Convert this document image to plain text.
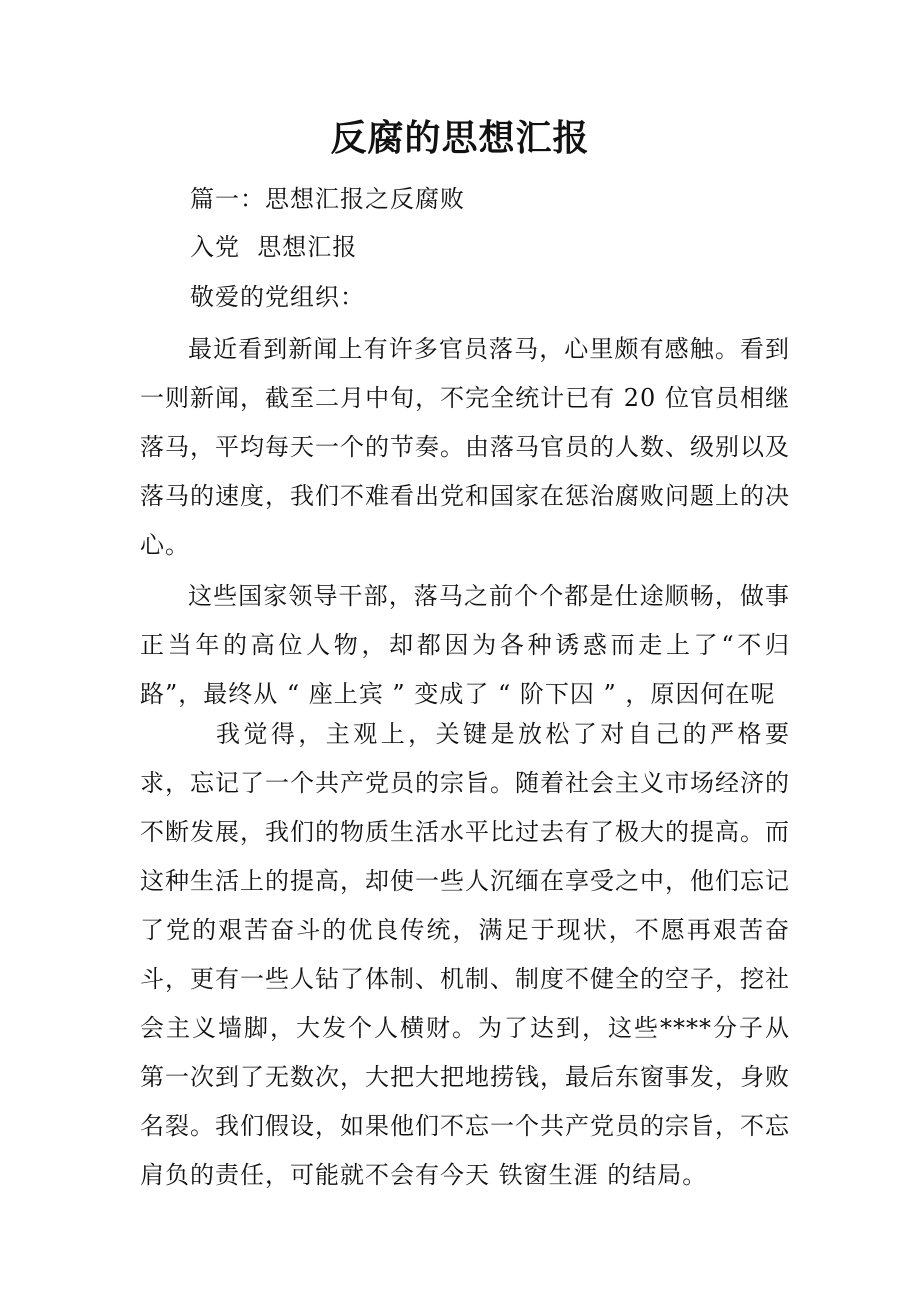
反腐的思想汇报
篇一：思想汇报之反腐败
入党  思想汇报
敬爱的党组织：

最近看到新闻上有许多官员落马，心里颇有感触。看到一则新闻，截至二月中旬，不完全统计已有 20 位官员相继落马，平均每天一个的节奏。由落马官员的人数、级别以及落马的速度，我们不难看出党和国家在惩治腐败问题上的决心。

这些国家领导干部，落马之前个个都是仕途顺畅，做事正当年的高位人物，却都因为各种诱惑而走上了“不归路”，最终从 “ 座上宾 ” 变成了 “ 阶下囚 ” ，原因何在呢

我觉得，主观上，关键是放松了对自己的严格要求，忘记了一个共产党员的宗旨。随着社会主义市场经济的不断发展，我们的物质生活水平比过去有了极大的提高。而这种生活上的提高，却使一些人沉缅在享受之中，他们忘记了党的艰苦奋斗的优良传统，满足于现状，不愿再艰苦奋斗，更有一些人钻了体制、机制、制度不健全的空子，挖社会主义墙脚，大发个人横财。为了达到，这些****分子从第一次到了无数次，大把大把地捞钱，最后东窗事发，身败名裂。我们假设，如果他们不忘一个共产党员的宗旨，不忘肩负的责任，可能就不会有今天 铁窗生涯 的结局。
